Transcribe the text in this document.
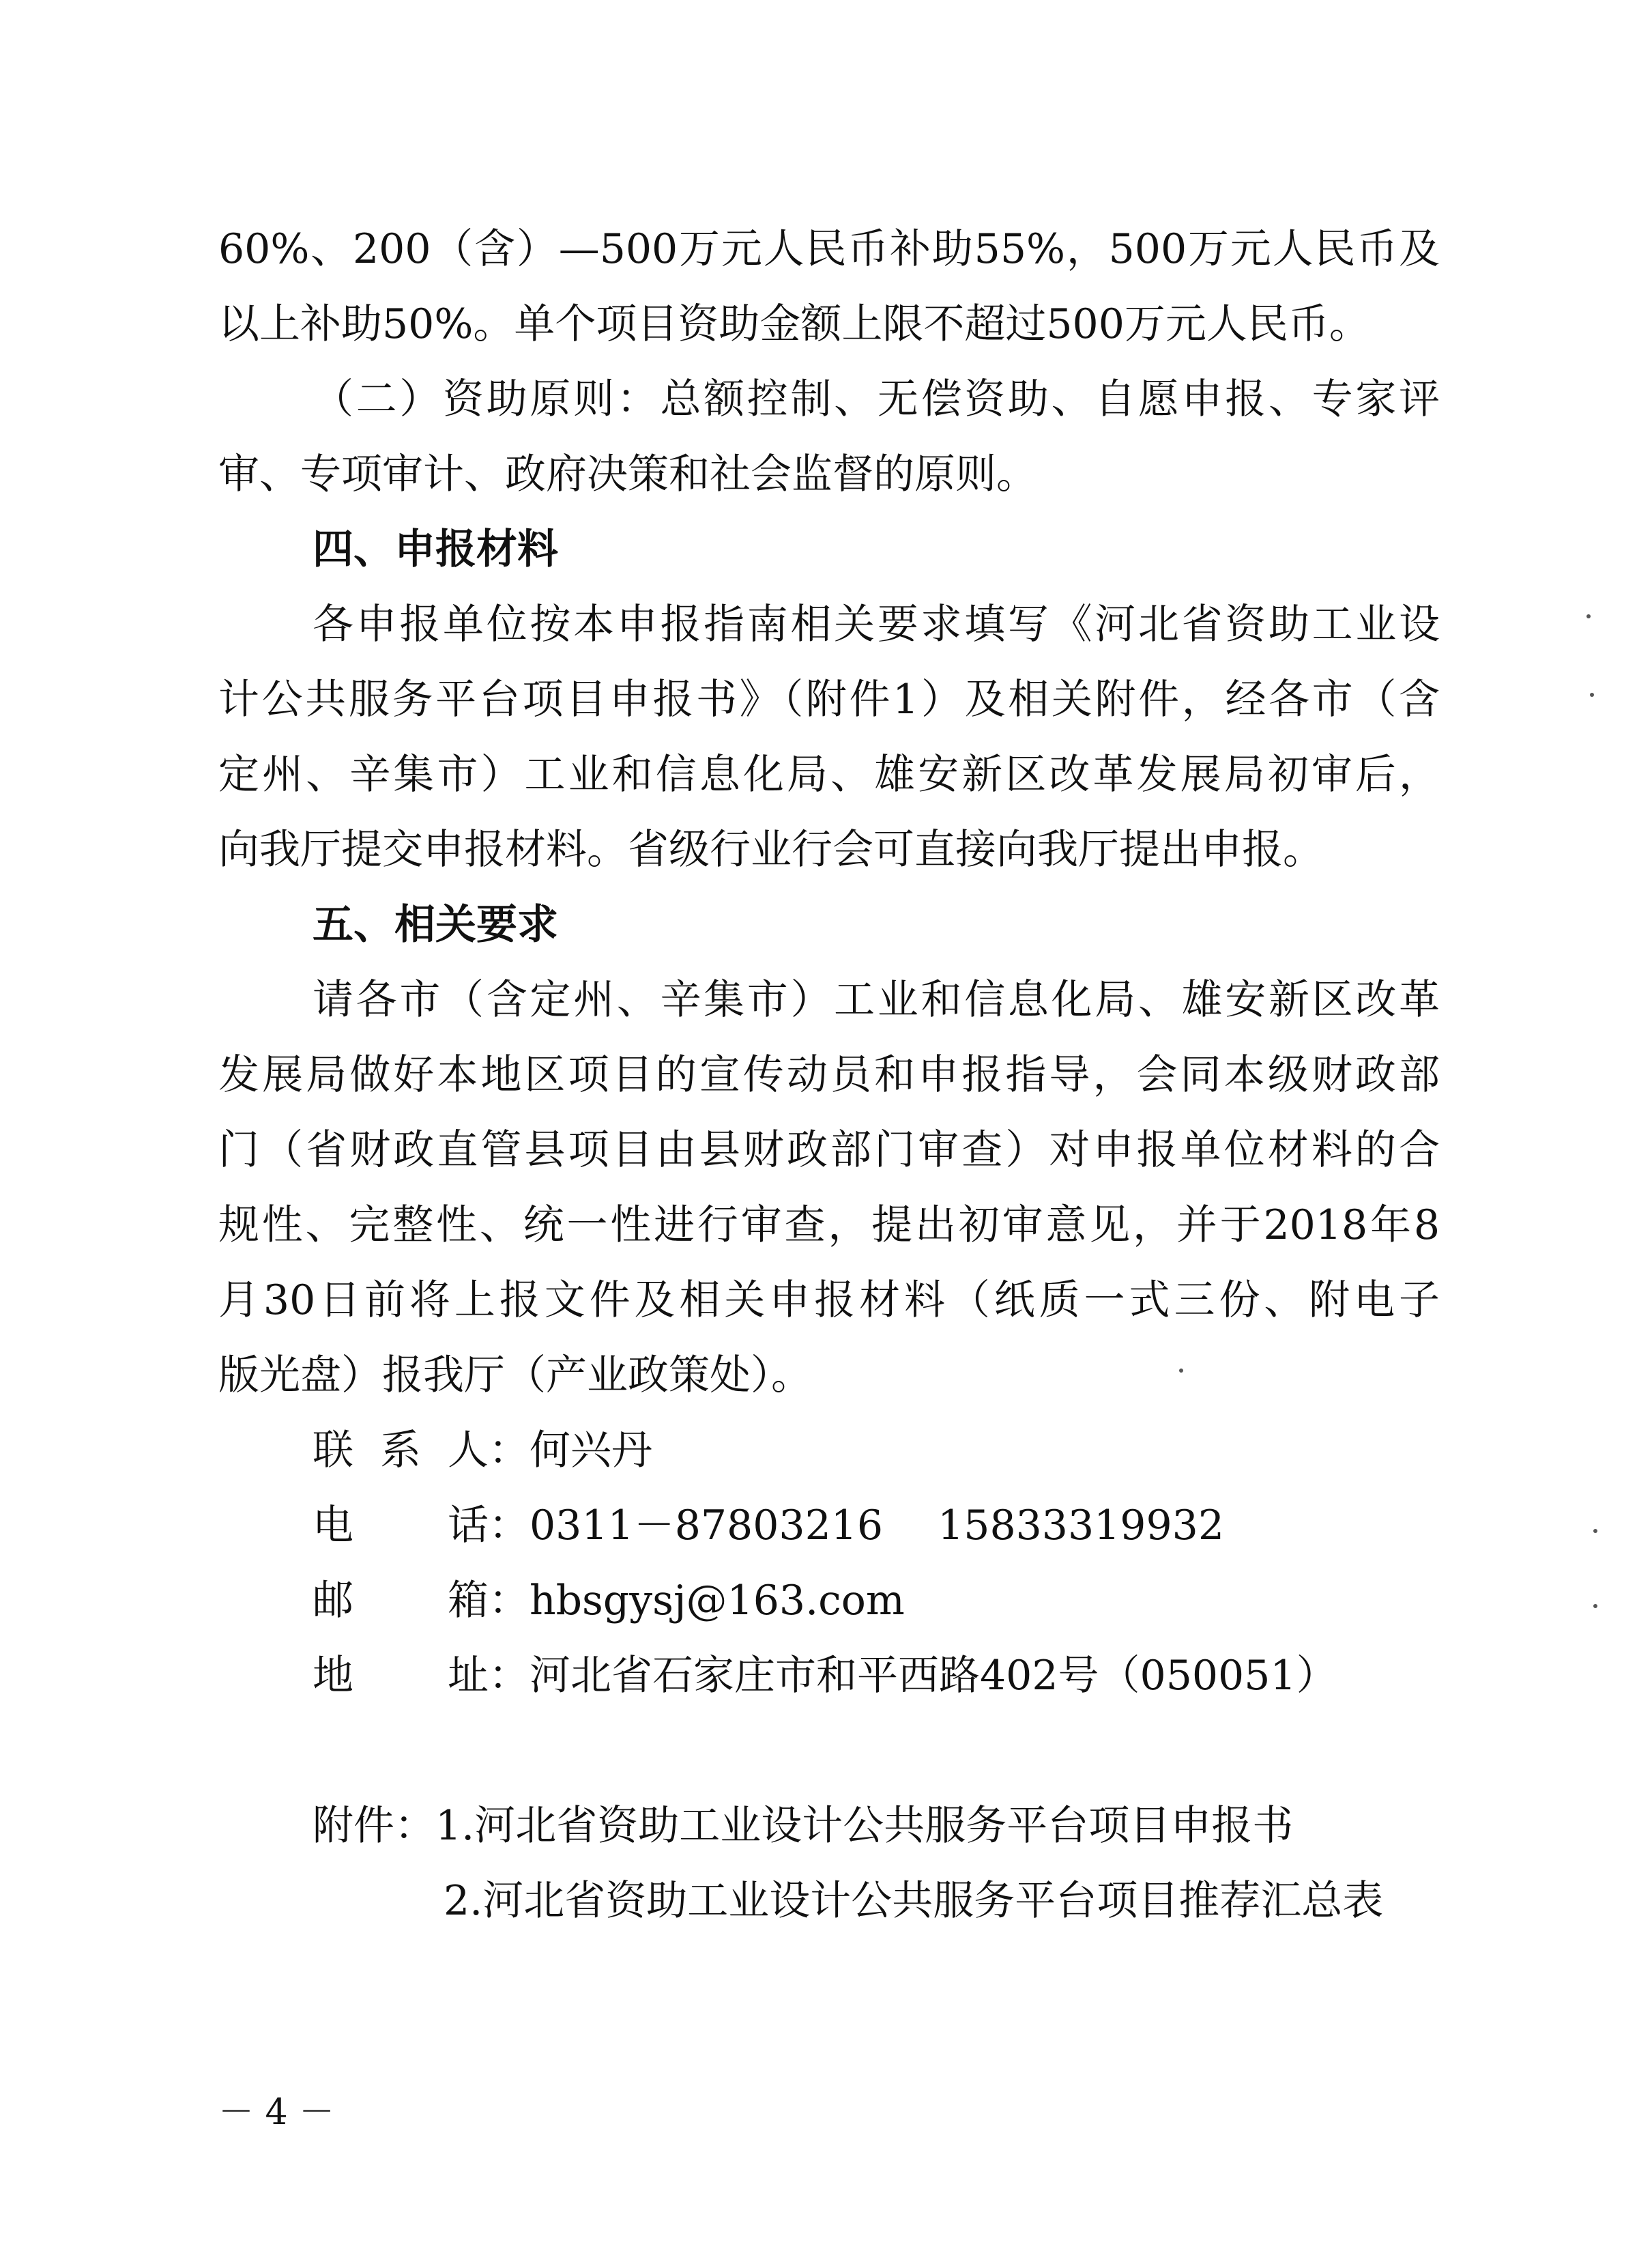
60%、200（含）—500万元人民币补助55%，500万元人民币及
以上补助50%。单个项目资助金额上限不超过500万元人民币。
（二）资助原则：总额控制、无偿资助、自愿申报、专家评
审、专项审计、政府决策和社会监督的原则。
四、申报材料
各申报单位按本申报指南相关要求填写《河北省资助工业设
计公共服务平台项目申报书》（附件1）及相关附件，经各市（含
定州、辛集市）工业和信息化局、雄安新区改革发展局初审后，
向我厅提交申报材料。省级行业行会可直接向我厅提出申报。
五、相关要求
请各市（含定州、辛集市）工业和信息化局、雄安新区改革
发展局做好本地区项目的宣传动员和申报指导，会同本级财政部
门（省财政直管县项目由县财政部门审查）对申报单位材料的合
规性、完整性、统一性进行审查，提出初审意见，并于2018年8
月30日前将上报文件及相关申报材料（纸质一式三份、附电子
版光盘）报我厅（产业政策处）。
联系人：何兴丹
电话：0311－87803216 15833319932
邮箱：hbsgysj@163.com
地址：河北省石家庄市和平西路402号（050051）
附件：1.河北省资助工业设计公共服务平台项目申报书
2.河北省资助工业设计公共服务平台项目推荐汇总表
－ 4 －
